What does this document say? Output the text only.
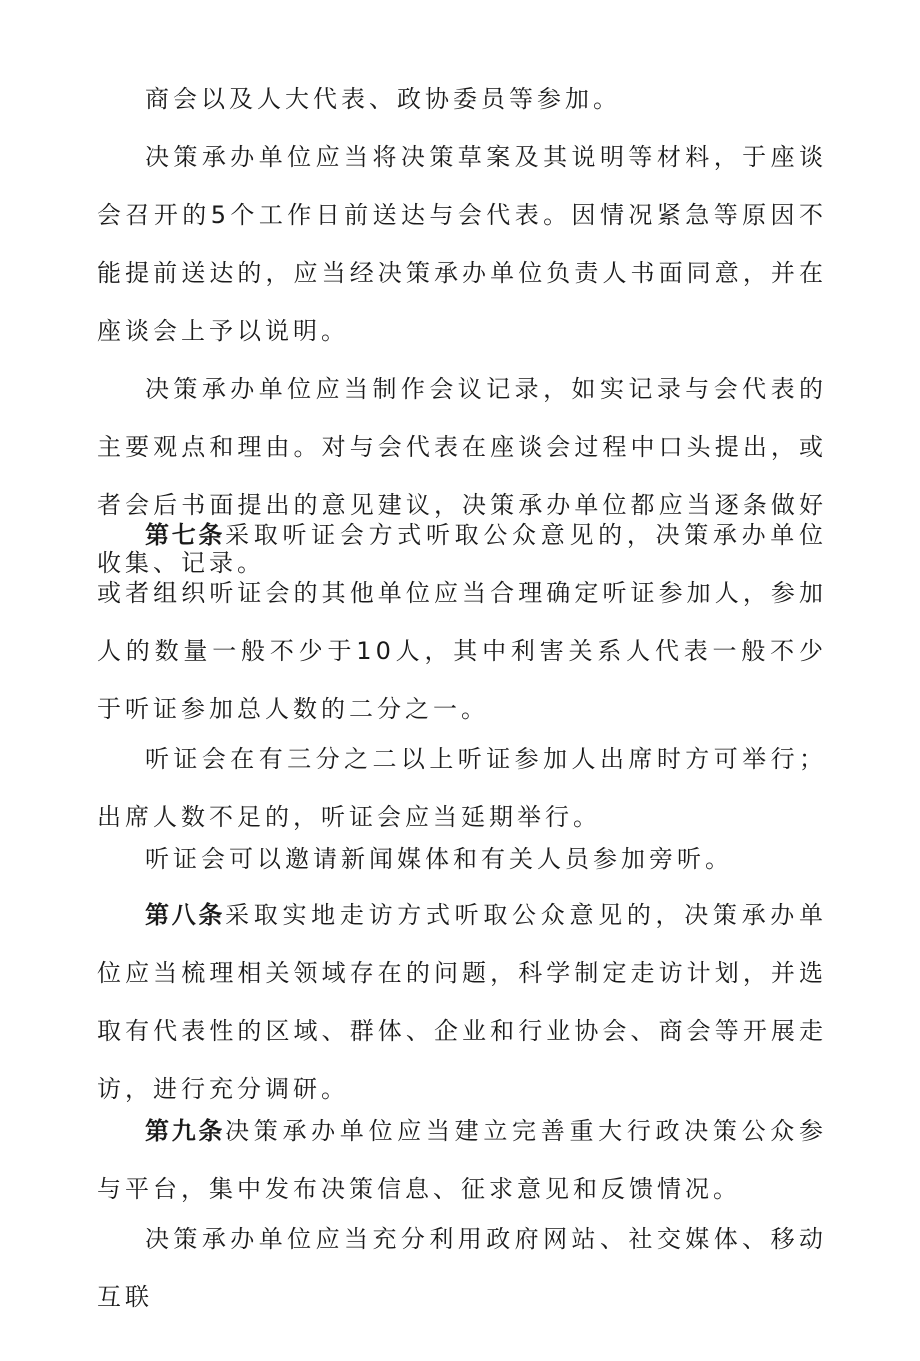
商会以及人大代表、政协委员等参加。

决策承办单位应当将决策草案及其说明等材料，于座谈会召开的5个工作日前送达与会代表。因情况紧急等原因不能提前送达的，应当经决策承办单位负责人书面同意，并在座谈会上予以说明。

决策承办单位应当制作会议记录，如实记录与会代表的主要观点和理由。对与会代表在座谈会过程中口头提出，或者会后书面提出的意见建议，决策承办单位都应当逐条做好收集、记录。

第七条采取听证会方式听取公众意见的，决策承办单位或者组织听证会的其他单位应当合理确定听证参加人，参加人的数量一般不少于10人，其中利害关系人代表一般不少于听证参加总人数的二分之一。

听证会在有三分之二以上听证参加人出席时方可举行；出席人数不足的，听证会应当延期举行。

听证会可以邀请新闻媒体和有关人员参加旁听。

第八条采取实地走访方式听取公众意见的，决策承办单位应当梳理相关领域存在的问题，科学制定走访计划，并选取有代表性的区域、群体、企业和行业协会、商会等开展走访，进行充分调研。

第九条决策承办单位应当建立完善重大行政决策公众参与平台，集中发布决策信息、征求意见和反馈情况。

决策承办单位应当充分利用政府网站、社交媒体、移动互联
